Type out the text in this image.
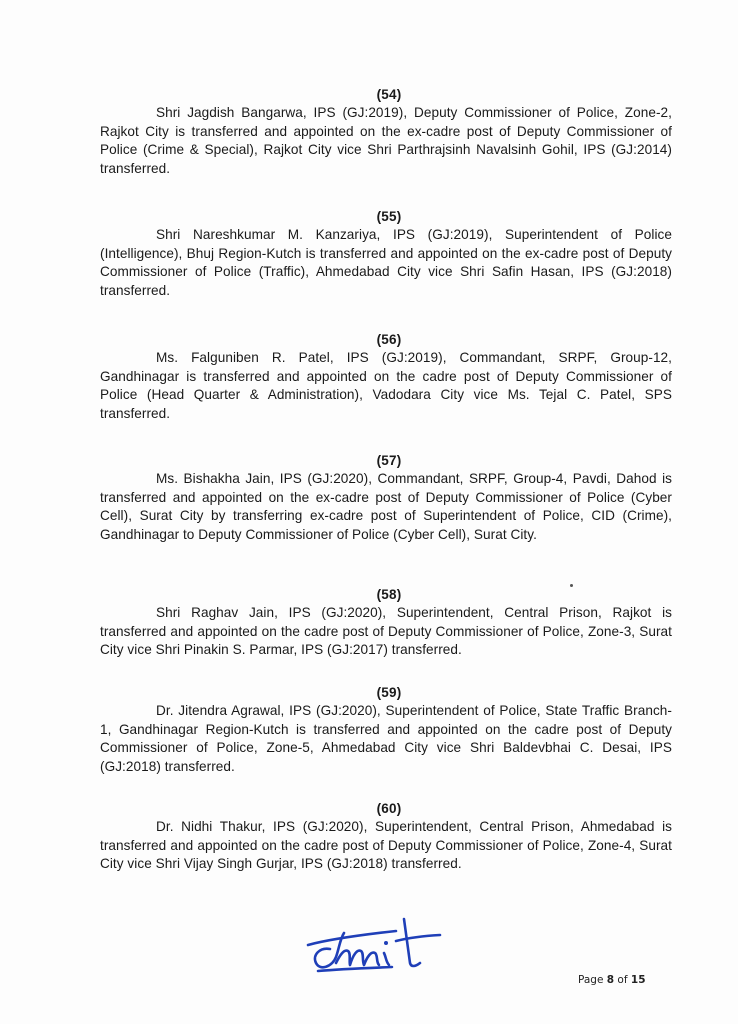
(54)

Shri Jagdish Bangarwa, IPS (GJ:2019), Deputy Commissioner of Police, Zone-2, Rajkot City is transferred and appointed on the ex-cadre post of Deputy Commissioner of Police (Crime & Special), Rajkot City vice Shri Parthrajsinh Navalsinh Gohil, IPS (GJ:2014) transferred.

(55)

Shri Nareshkumar M. Kanzariya, IPS (GJ:2019), Superintendent of Police (Intelligence), Bhuj Region-Kutch is transferred and appointed on the ex-cadre post of Deputy Commissioner of Police (Traffic), Ahmedabad City vice Shri Safin Hasan, IPS (GJ:2018) transferred.

(56)

Ms. Falguniben R. Patel, IPS (GJ:2019), Commandant, SRPF, Group-12, Gandhinagar is transferred and appointed on the cadre post of Deputy Commissioner of Police (Head Quarter & Administration), Vadodara City vice Ms. Tejal C. Patel, SPS transferred.

(57)

Ms. Bishakha Jain, IPS (GJ:2020), Commandant, SRPF, Group-4, Pavdi, Dahod is transferred and appointed on the ex-cadre post of Deputy Commissioner of Police (Cyber Cell), Surat City by transferring ex-cadre post of Superintendent of Police, CID (Crime), Gandhinagar to Deputy Commissioner of Police (Cyber Cell), Surat City.

(58)

Shri Raghav Jain, IPS (GJ:2020), Superintendent, Central Prison, Rajkot is transferred and appointed on the cadre post of Deputy Commissioner of Police, Zone-3, Surat City vice Shri Pinakin S. Parmar, IPS (GJ:2017) transferred.

(59)

Dr. Jitendra Agrawal, IPS (GJ:2020), Superintendent of Police, State Traffic Branch-1, Gandhinagar Region-Kutch is transferred and appointed on the cadre post of Deputy Commissioner of Police, Zone-5, Ahmedabad City vice Shri Baldevbhai C. Desai, IPS (GJ:2018) transferred.

(60)

Dr. Nidhi Thakur, IPS (GJ:2020), Superintendent, Central Prison, Ahmedabad is transferred and appointed on the cadre post of Deputy Commissioner of Police, Zone-4, Surat City vice Shri Vijay Singh Gurjar, IPS (GJ:2018) transferred.

Page 8 of 15
